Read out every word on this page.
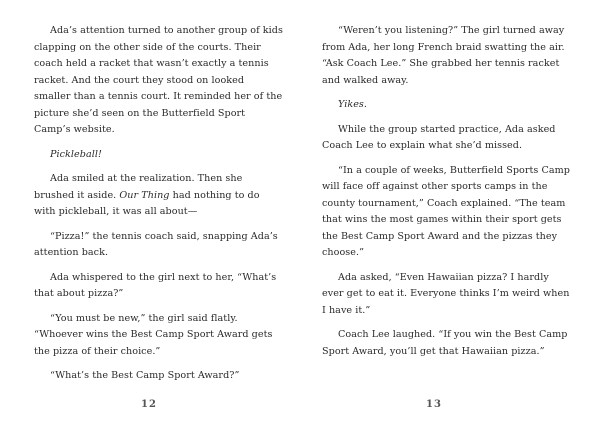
Ada’s attention turned to another group of kids clapping on the other side of the courts. Their coach held a racket that wasn’t exactly a tennis racket. And the court they stood on looked smaller than a tennis court. It reminded her of the picture she’d seen on the Butterfield Sport Camp’s website.

Pickleball!

Ada smiled at the realization. Then she brushed it aside. Our Thing had nothing to do with pickleball, it was all about—

“Pizza!” the tennis coach said, snapping Ada’s attention back.

Ada whispered to the girl next to her, “What’s that about pizza?”

“You must be new,” the girl said flatly. “Whoever wins the Best Camp Sport Award gets the pizza of their choice.”

“What’s the Best Camp Sport Award?”

“Weren’t you listening?” The girl turned away from Ada, her long French braid swatting the air. “Ask Coach Lee.” She grabbed her tennis racket and walked away.

Yikes.

While the group started practice, Ada asked Coach Lee to explain what she’d missed.

“In a couple of weeks, Butterfield Sports Camp will face off against other sports camps in the county tournament,” Coach explained. “The team that wins the most games within their sport gets the Best Camp Sport Award and the pizzas they choose.”

Ada asked, “Even Hawaiian pizza? I hardly ever get to eat it. Everyone thinks I’m weird when I have it.”

Coach Lee laughed. “If you win the Best Camp Sport Award, you’ll get that Hawaiian pizza.”

12	13
